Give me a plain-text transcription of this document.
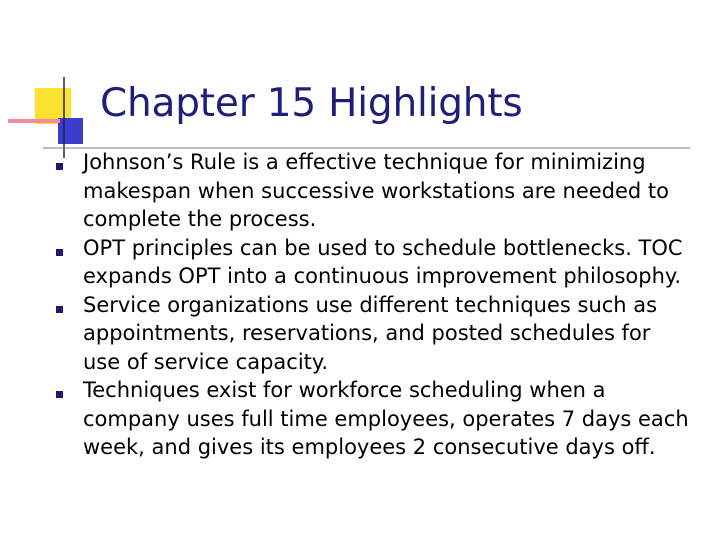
Chapter 15 Highlights
Johnson’s Rule is a effective technique for minimizing makespan when successive workstations are needed to complete the process.
OPT principles can be used to schedule bottlenecks. TOC expands OPT into a continuous improvement philosophy.
Service organizations use different techniques such as appointments, reservations, and posted schedules for use of service capacity.
Techniques exist for workforce scheduling when a company uses full time employees, operates 7 days each week, and gives its employees 2 consecutive days off.
